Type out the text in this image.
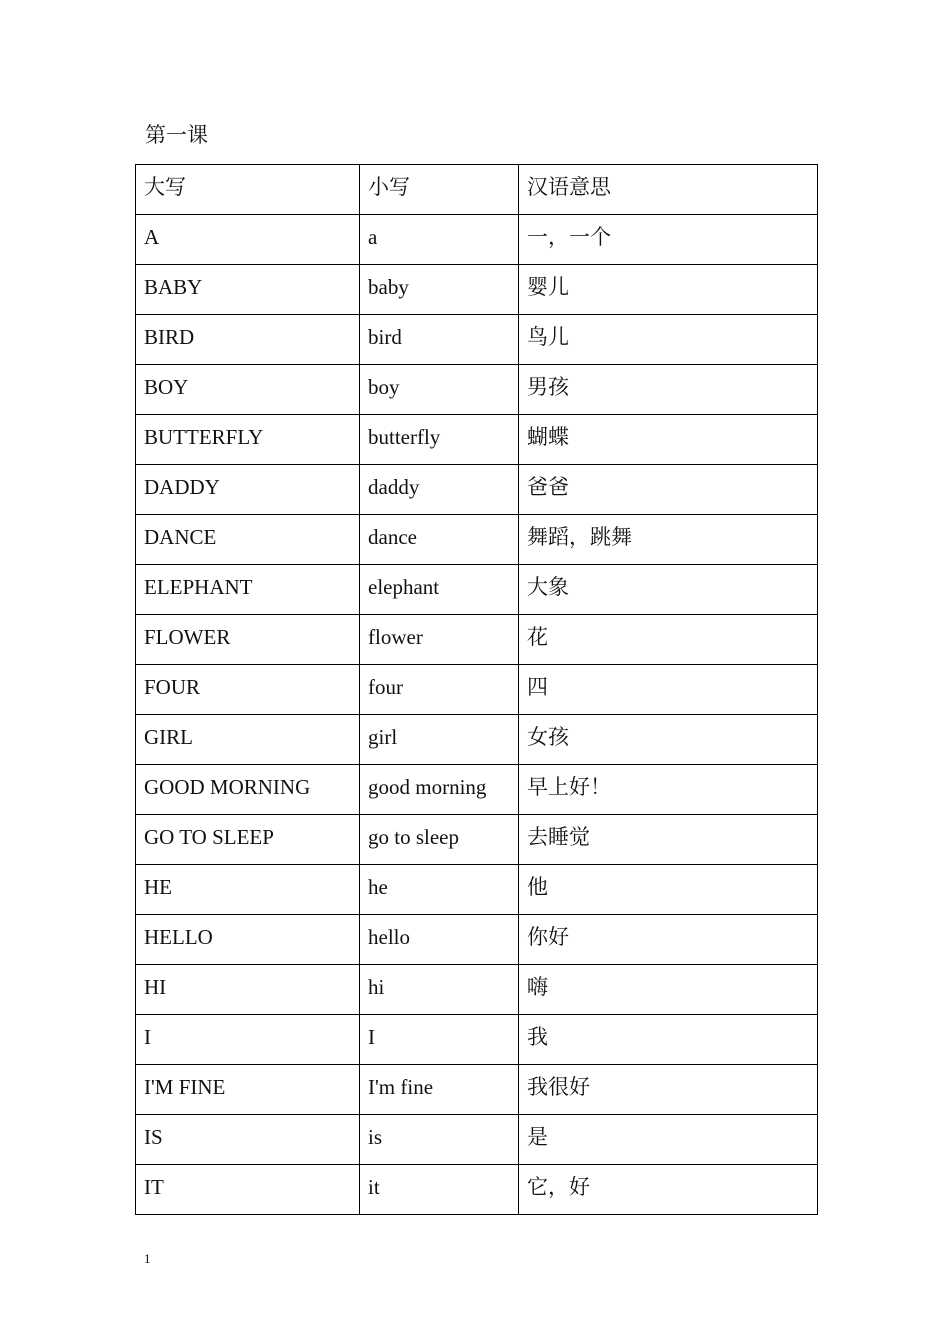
第一课
大写	小写	汉语意思
A	a	一，一个
BABY	baby	婴儿
BIRD	bird	鸟儿
BOY	boy	男孩
BUTTERFLY	butterfly	蝴蝶
DADDY	daddy	爸爸
DANCE	dance	舞蹈，跳舞
ELEPHANT	elephant	大象
FLOWER	flower	花
FOUR	four	四
GIRL	girl	女孩
GOOD MORNING	good morning	早上好！
GO TO SLEEP	go to sleep	去睡觉
HE	he	他
HELLO	hello	你好
HI	hi	嗨
I	I	我
I'M FINE	I'm fine	我很好
IS	is	是
IT	it	它，好
1
